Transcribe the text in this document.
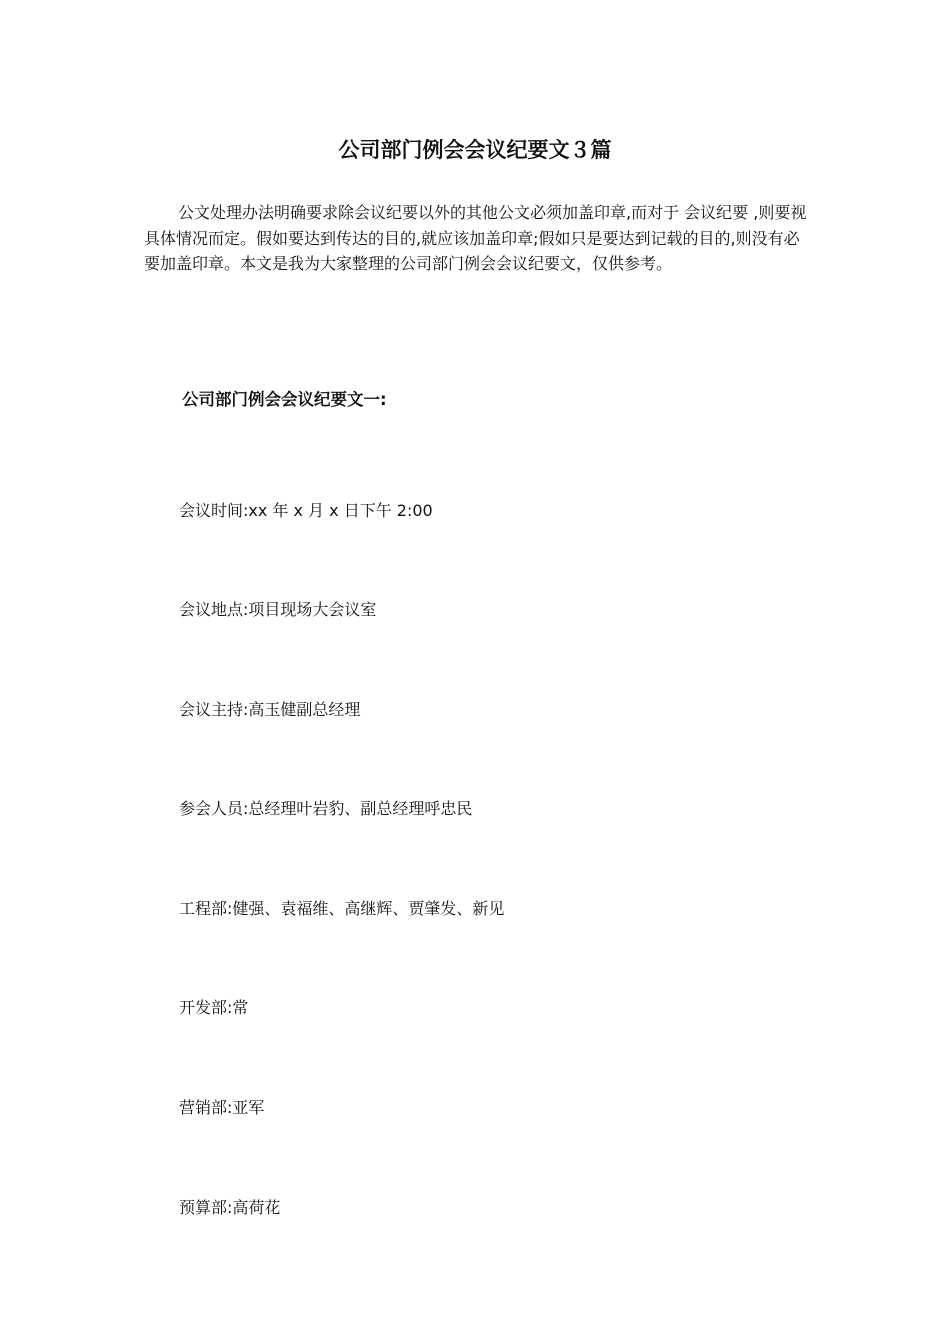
公司部门例会会议纪要文３篇

公文处理办法明确要求除会议纪要以外的其他公文必须加盖印章,而对于 会议纪要 ,则要视具体情况而定。假如要达到传达的目的,就应该加盖印章;假如只是要达到记载的目的,则没有必要加盖印章。本文是我为大家整理的公司部门例会会议纪要文，仅供参考。

公司部门例会会议纪要文一:

会议时间:xx 年 x 月 x 日下午 2:00

会议地点:项目现场大会议室

会议主持:高玉健副总经理

参会人员:总经理叶岩豹、副总经理呼忠民

工程部:健强、袁福维、高继辉、贾肇发、新见

开发部:常

营销部:亚军

预算部:高荷花
